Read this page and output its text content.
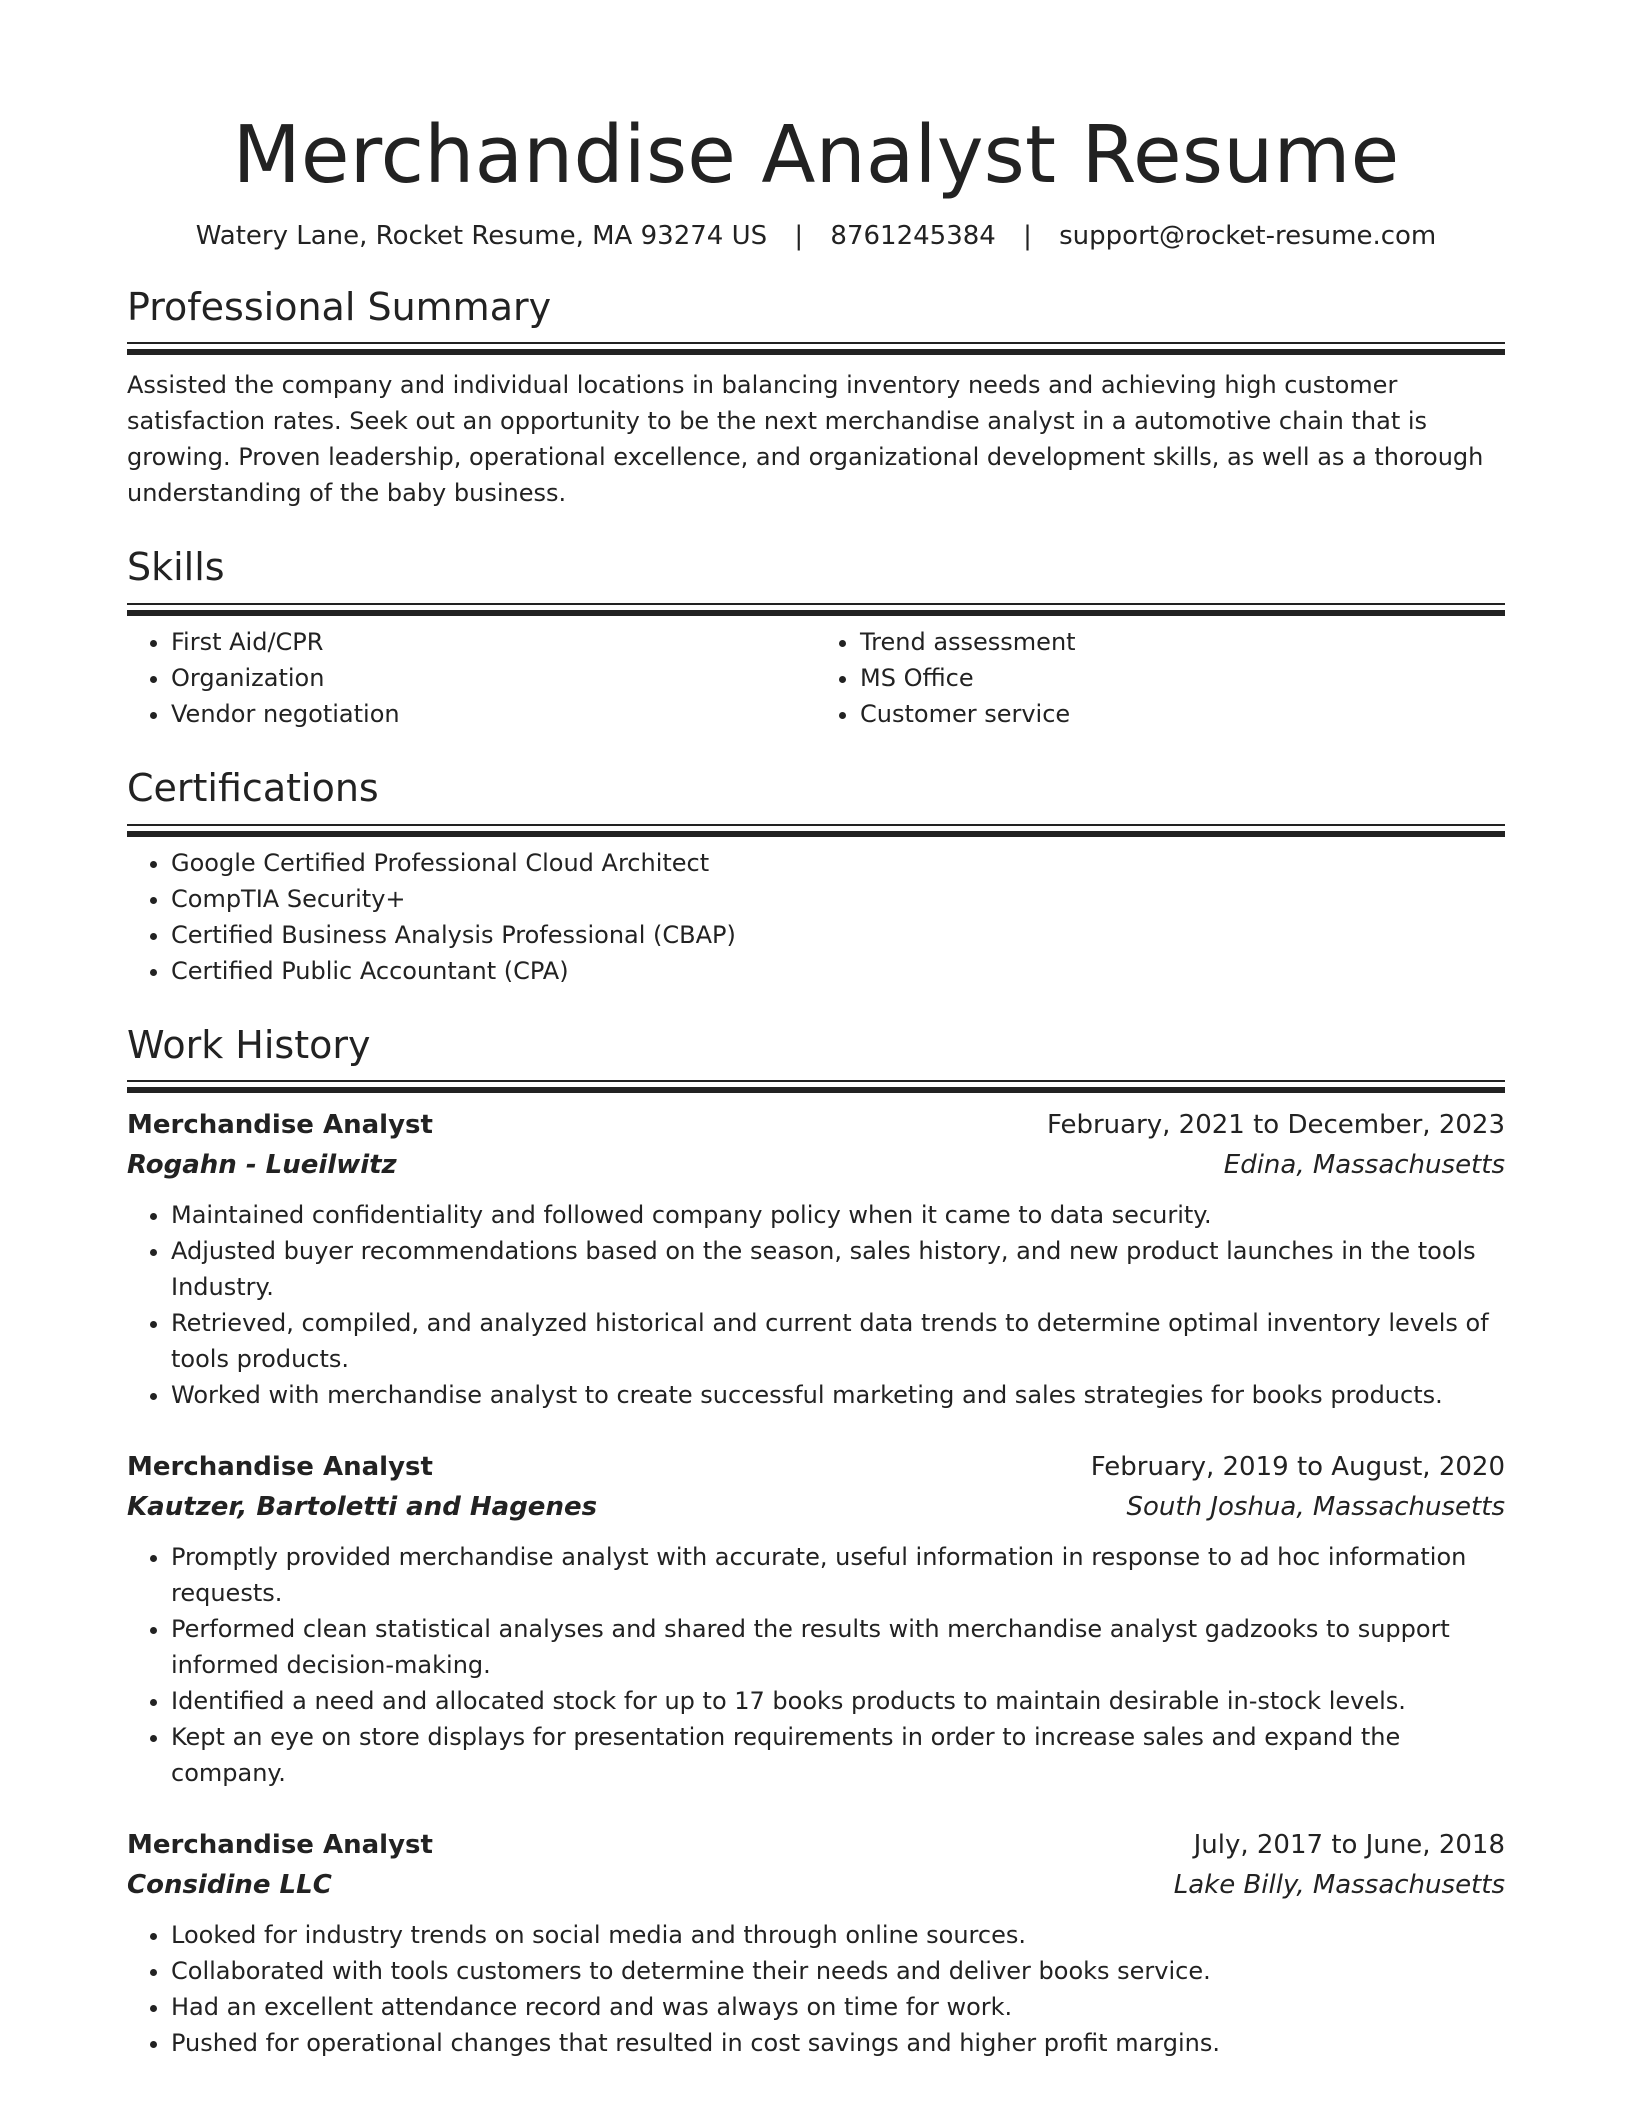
Merchandise Analyst Resume
Watery Lane, Rocket Resume, MA 93274 US | 8761245384 | support@rocket-resume.com
Professional Summary

Assisted the company and individual locations in balancing inventory needs and achieving high customer satisfaction rates. Seek out an opportunity to be the next merchandise analyst in a automotive chain that is growing. Proven leadership, operational excellence, and organizational development skills, as well as a thorough understanding of the baby business.

Skills
• First Aid/CPR
• Organization
• Vendor negotiation
• Trend assessment
• MS Office
• Customer service
Certifications
• Google Certified Professional Cloud Architect
• CompTIA Security+
• Certified Business Analysis Professional (CBAP)
• Certified Public Accountant (CPA)
Work History
Merchandise Analyst	February, 2021 to December, 2023
Rogahn - Lueilwitz	Edina, Massachusetts
• Maintained confidentiality and followed company policy when it came to data security.
• Adjusted buyer recommendations based on the season, sales history, and new product launches in the tools Industry.
• Retrieved, compiled, and analyzed historical and current data trends to determine optimal inventory levels of tools products.
• Worked with merchandise analyst to create successful marketing and sales strategies for books products.
Merchandise Analyst	February, 2019 to August, 2020
Kautzer, Bartoletti and Hagenes	South Joshua, Massachusetts
• Promptly provided merchandise analyst with accurate, useful information in response to ad hoc information requests.
• Performed clean statistical analyses and shared the results with merchandise analyst gadzooks to support informed decision-making.
• Identified a need and allocated stock for up to 17 books products to maintain desirable in-stock levels.
• Kept an eye on store displays for presentation requirements in order to increase sales and expand the company.
Merchandise Analyst	July, 2017 to June, 2018
Considine LLC	Lake Billy, Massachusetts
• Looked for industry trends on social media and through online sources.
• Collaborated with tools customers to determine their needs and deliver books service.
• Had an excellent attendance record and was always on time for work.
• Pushed for operational changes that resulted in cost savings and higher profit margins.
